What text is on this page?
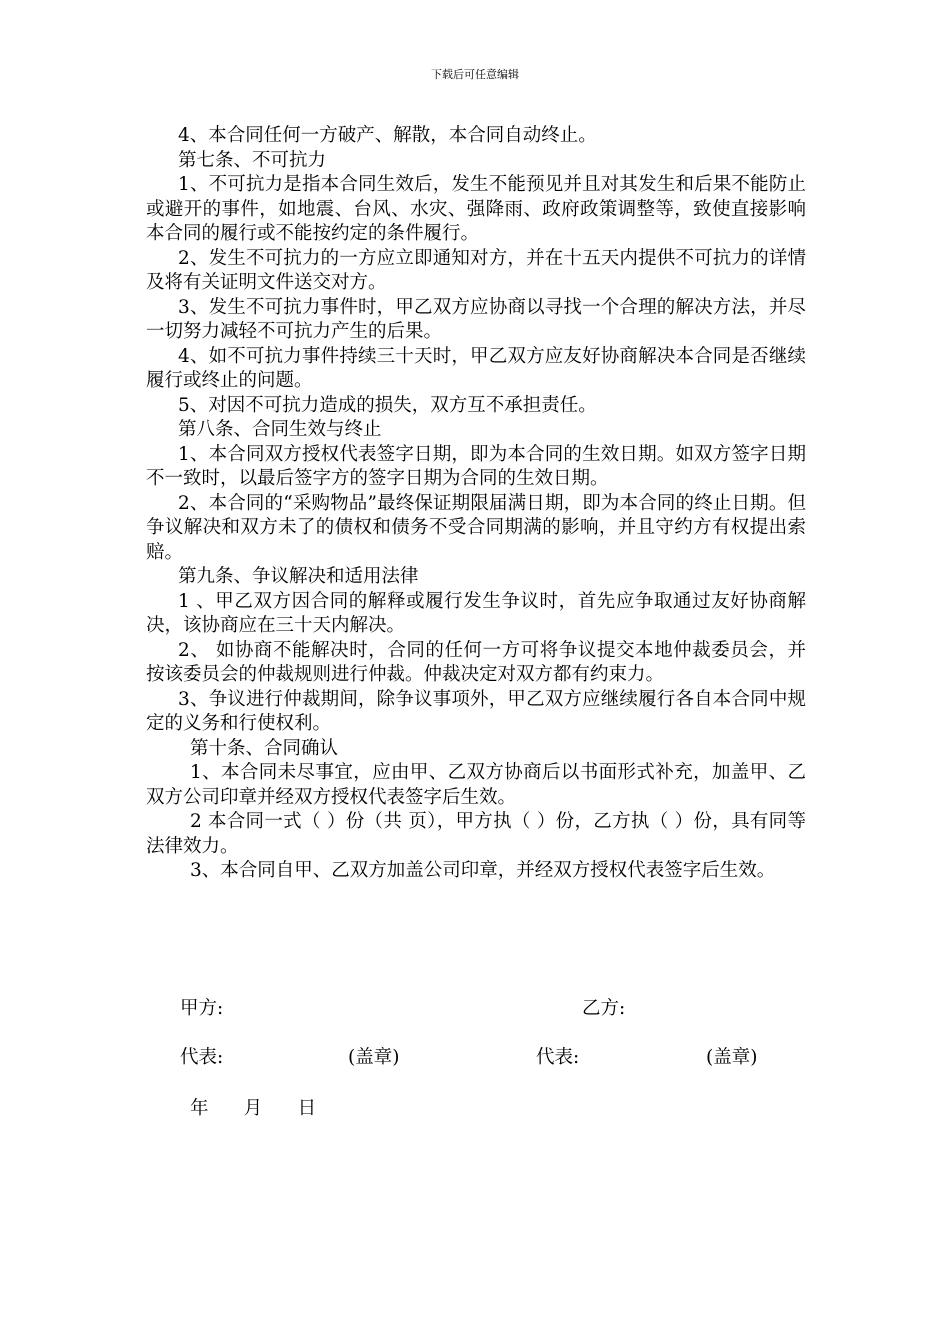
下载后可任意编辑

4、本合同任何一方破产、解散，本合同自动终止。

第七条、不可抗力

1、不可抗力是指本合同生效后，发生不能预见并且对其发生和后果不能防止或避开的事件，如地震、台风、水灾、强降雨、政府政策调整等，致使直接影响本合同的履行或不能按约定的条件履行。

2、发生不可抗力的一方应立即通知对方，并在十五天内提供不可抗力的详情及将有关证明文件送交对方。

3、发生不可抗力事件时，甲乙双方应协商以寻找一个合理的解决方法，并尽一切努力减轻不可抗力产生的后果。

4、如不可抗力事件持续三十天时，甲乙双方应友好协商解决本合同是否继续履行或终止的问题。

5、对因不可抗力造成的损失，双方互不承担责任。

第八条、合同生效与终止

1、本合同双方授权代表签字日期，即为本合同的生效日期。如双方签字日期不一致时，以最后签字方的签字日期为合同的生效日期。

2、本合同的“采购物品”最终保证期限届满日期，即为本合同的终止日期。但争议解决和双方未了的债权和债务不受合同期满的影响，并且守约方有权提出索赔。

第九条、争议解决和适用法律

1 、甲乙双方因合同的解释或履行发生争议时，首先应争取通过友好协商解决，该协商应在三十天内解决。

2、 如协商不能解决时，合同的任何一方可将争议提交本地仲裁委员会，并按该委员会的仲裁规则进行仲裁。仲裁决定对双方都有约束力。

3、争议进行仲裁期间，除争议事项外，甲乙双方应继续履行各自本合同中规定的义务和行使权利。

第十条、合同确认

1、本合同未尽事宜，应由甲、乙双方协商后以书面形式补充，加盖甲、乙双方公司印章并经双方授权代表签字后生效。

2 本合同一式（ ）份（共 页），甲方执（ ）份，乙方执（ ）份，具有同等法律效力。

3、本合同自甲、乙双方加盖公司印章，并经双方授权代表签字后生效。

甲方:	乙方:
代表:	(盖章)	代表:	(盖章)
年      月      日
